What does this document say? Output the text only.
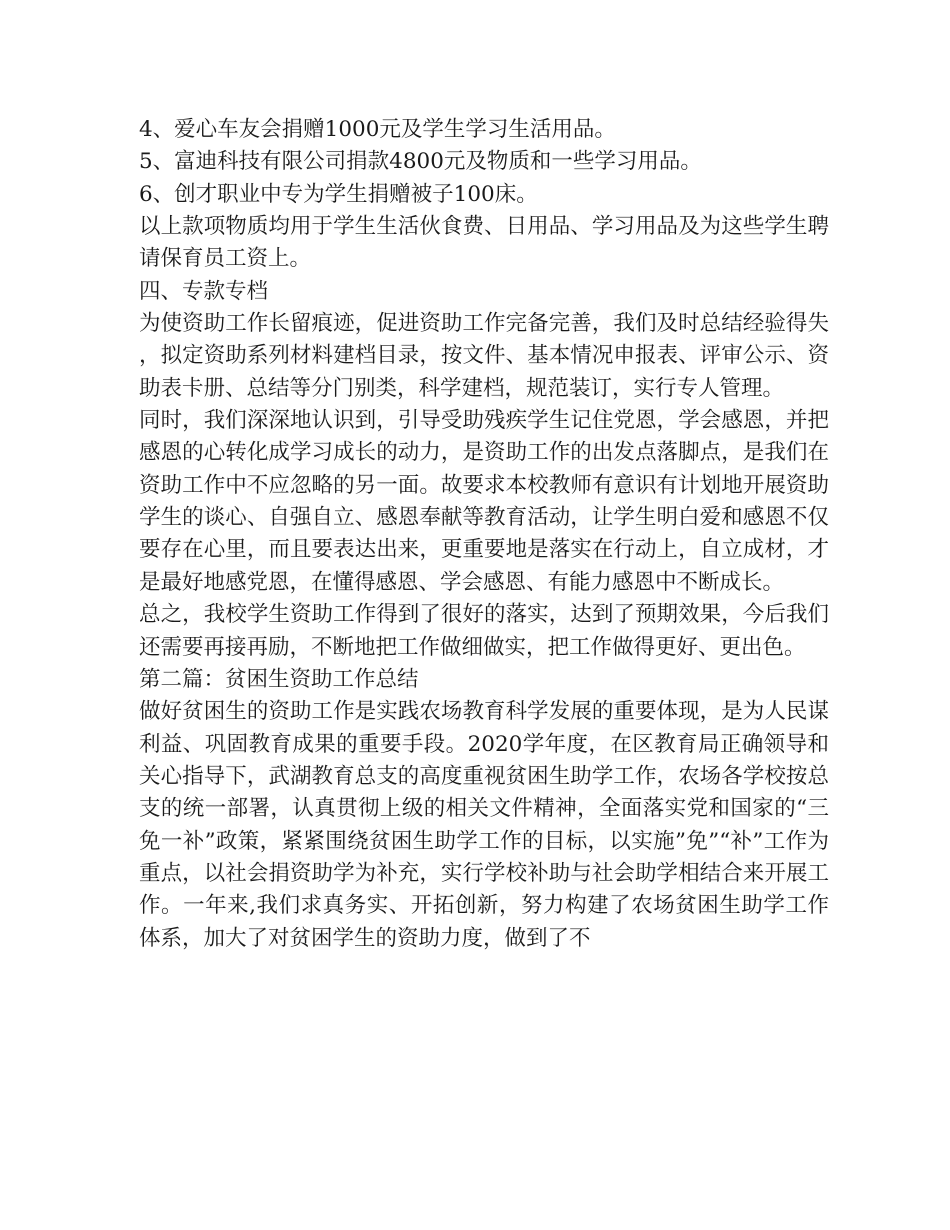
4、爱心车友会捐赠1000元及学生学习生活用品。

5、富迪科技有限公司捐款4800元及物质和一些学习用品。

6、创才职业中专为学生捐赠被子100床。

以上款项物质均用于学生生活伙食费、日用品、学习用品及为这些学生聘请保育员工资上。

四、专款专档

为使资助工作长留痕迹，促进资助工作完备完善，我们及时总结经验得失，拟定资助系列材料建档目录，按文件、基本情况申报表、评审公示、资助表卡册、总结等分门别类，科学建档，规范装订，实行专人管理。

同时，我们深深地认识到，引导受助残疾学生记住党恩，学会感恩，并把感恩的心转化成学习成长的动力，是资助工作的出发点落脚点，是我们在资助工作中不应忽略的另一面。故要求本校教师有意识有计划地开展资助学生的谈心、自强自立、感恩奉献等教育活动，让学生明白爱和感恩不仅要存在心里，而且要表达出来，更重要地是落实在行动上，自立成材，才是最好地感党恩，在懂得感恩、学会感恩、有能力感恩中不断成长。

总之，我校学生资助工作得到了很好的落实，达到了预期效果，今后我们还需要再接再励，不断地把工作做细做实，把工作做得更好、更出色。

第二篇：贫困生资助工作总结

做好贫困生的资助工作是实践农场教育科学发展的重要体现，是为人民谋利益、巩固教育成果的重要手段。2020学年度，在区教育局正确领导和关心指导下，武湖教育总支的高度重视贫困生助学工作，农场各学校按总支的统一部署，认真贯彻上级的相关文件精神，全面落实党和国家的“三免一补”政策，紧紧围绕贫困生助学工作的目标，以实施”免”“补”工作为重点，以社会捐资助学为补充，实行学校补助与社会助学相结合来开展工作。一年来,我们求真务实、开拓创新，努力构建了农场贫困生助学工作体系，加大了对贫困学生的资助力度，做到了不
